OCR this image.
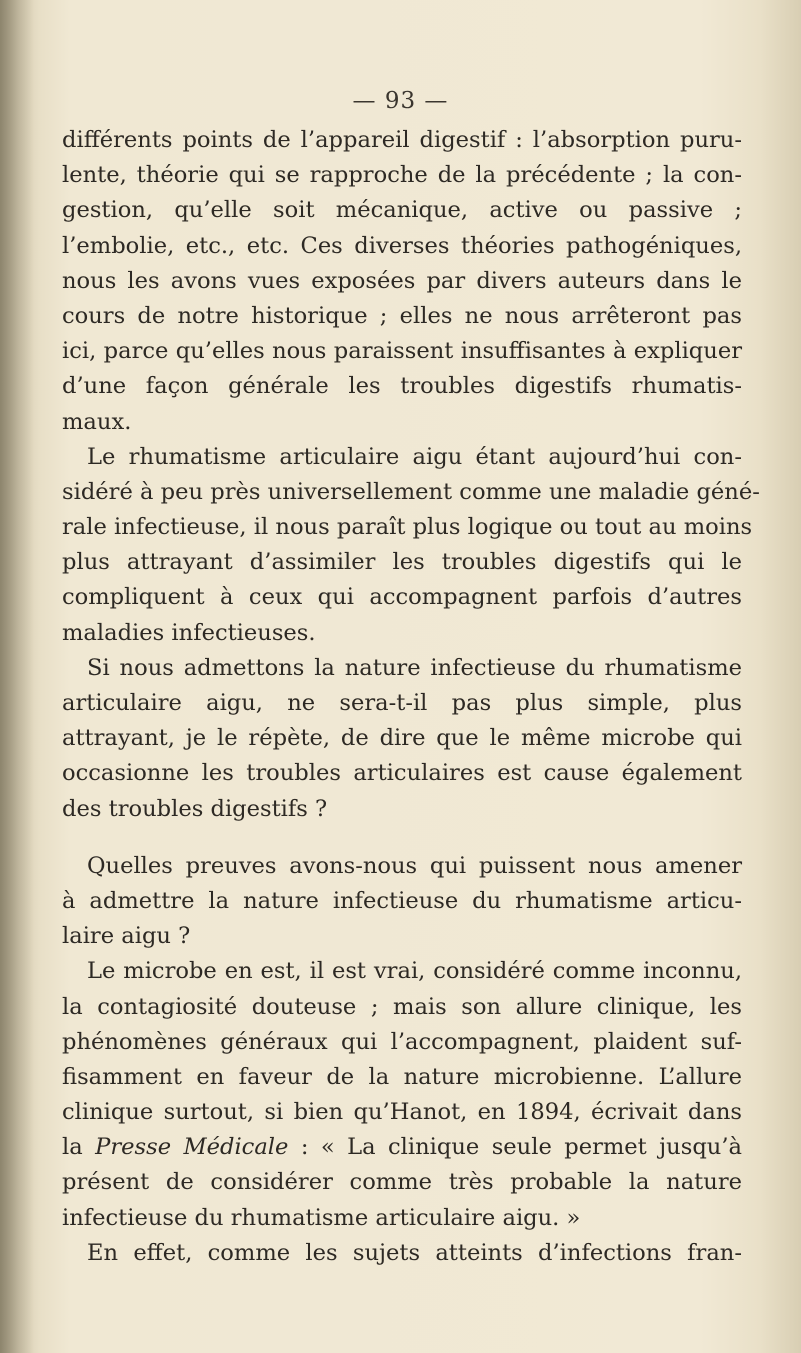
— 93 —
différents points de l’appareil digestif : l’absorption puru-
lente, théorie qui se rapproche de la précédente ; la con-
gestion, qu’elle soit mécanique, active ou passive ;
l’embolie, etc., etc. Ces diverses théories pathogéniques,
nous les avons vues exposées par divers auteurs dans le
cours de notre historique ; elles ne nous arrêteront pas
ici, parce qu’elles nous paraissent insuffisantes à expliquer
d’une façon générale les troubles digestifs rhumatis-
maux.
Le rhumatisme articulaire aigu étant aujourd’hui con-
sidéré à peu près universellement comme une maladie géné-
rale infectieuse, il nous paraît plus logique ou tout au moins
plus attrayant d’assimiler les troubles digestifs qui le
compliquent à ceux qui accompagnent parfois d’autres
maladies infectieuses.
Si nous admettons la nature infectieuse du rhumatisme
articulaire aigu, ne sera-t-il pas plus simple, plus
attrayant, je le répète, de dire que le même microbe qui
occasionne les troubles articulaires est cause également
des troubles digestifs ?
Quelles preuves avons-nous qui puissent nous amener
à admettre la nature infectieuse du rhumatisme articu-
laire aigu ?
Le microbe en est, il est vrai, considéré comme inconnu,
la contagiosité douteuse ; mais son allure clinique, les
phénomènes généraux qui l’accompagnent, plaident suf-
fisamment en faveur de la nature microbienne. L’allure
clinique surtout, si bien qu’Hanot, en 1894, écrivait dans
la Presse Médicale : « La clinique seule permet jusqu’à
présent de considérer comme très probable la nature
infectieuse du rhumatisme articulaire aigu. »
En effet, comme les sujets atteints d’infections fran-
